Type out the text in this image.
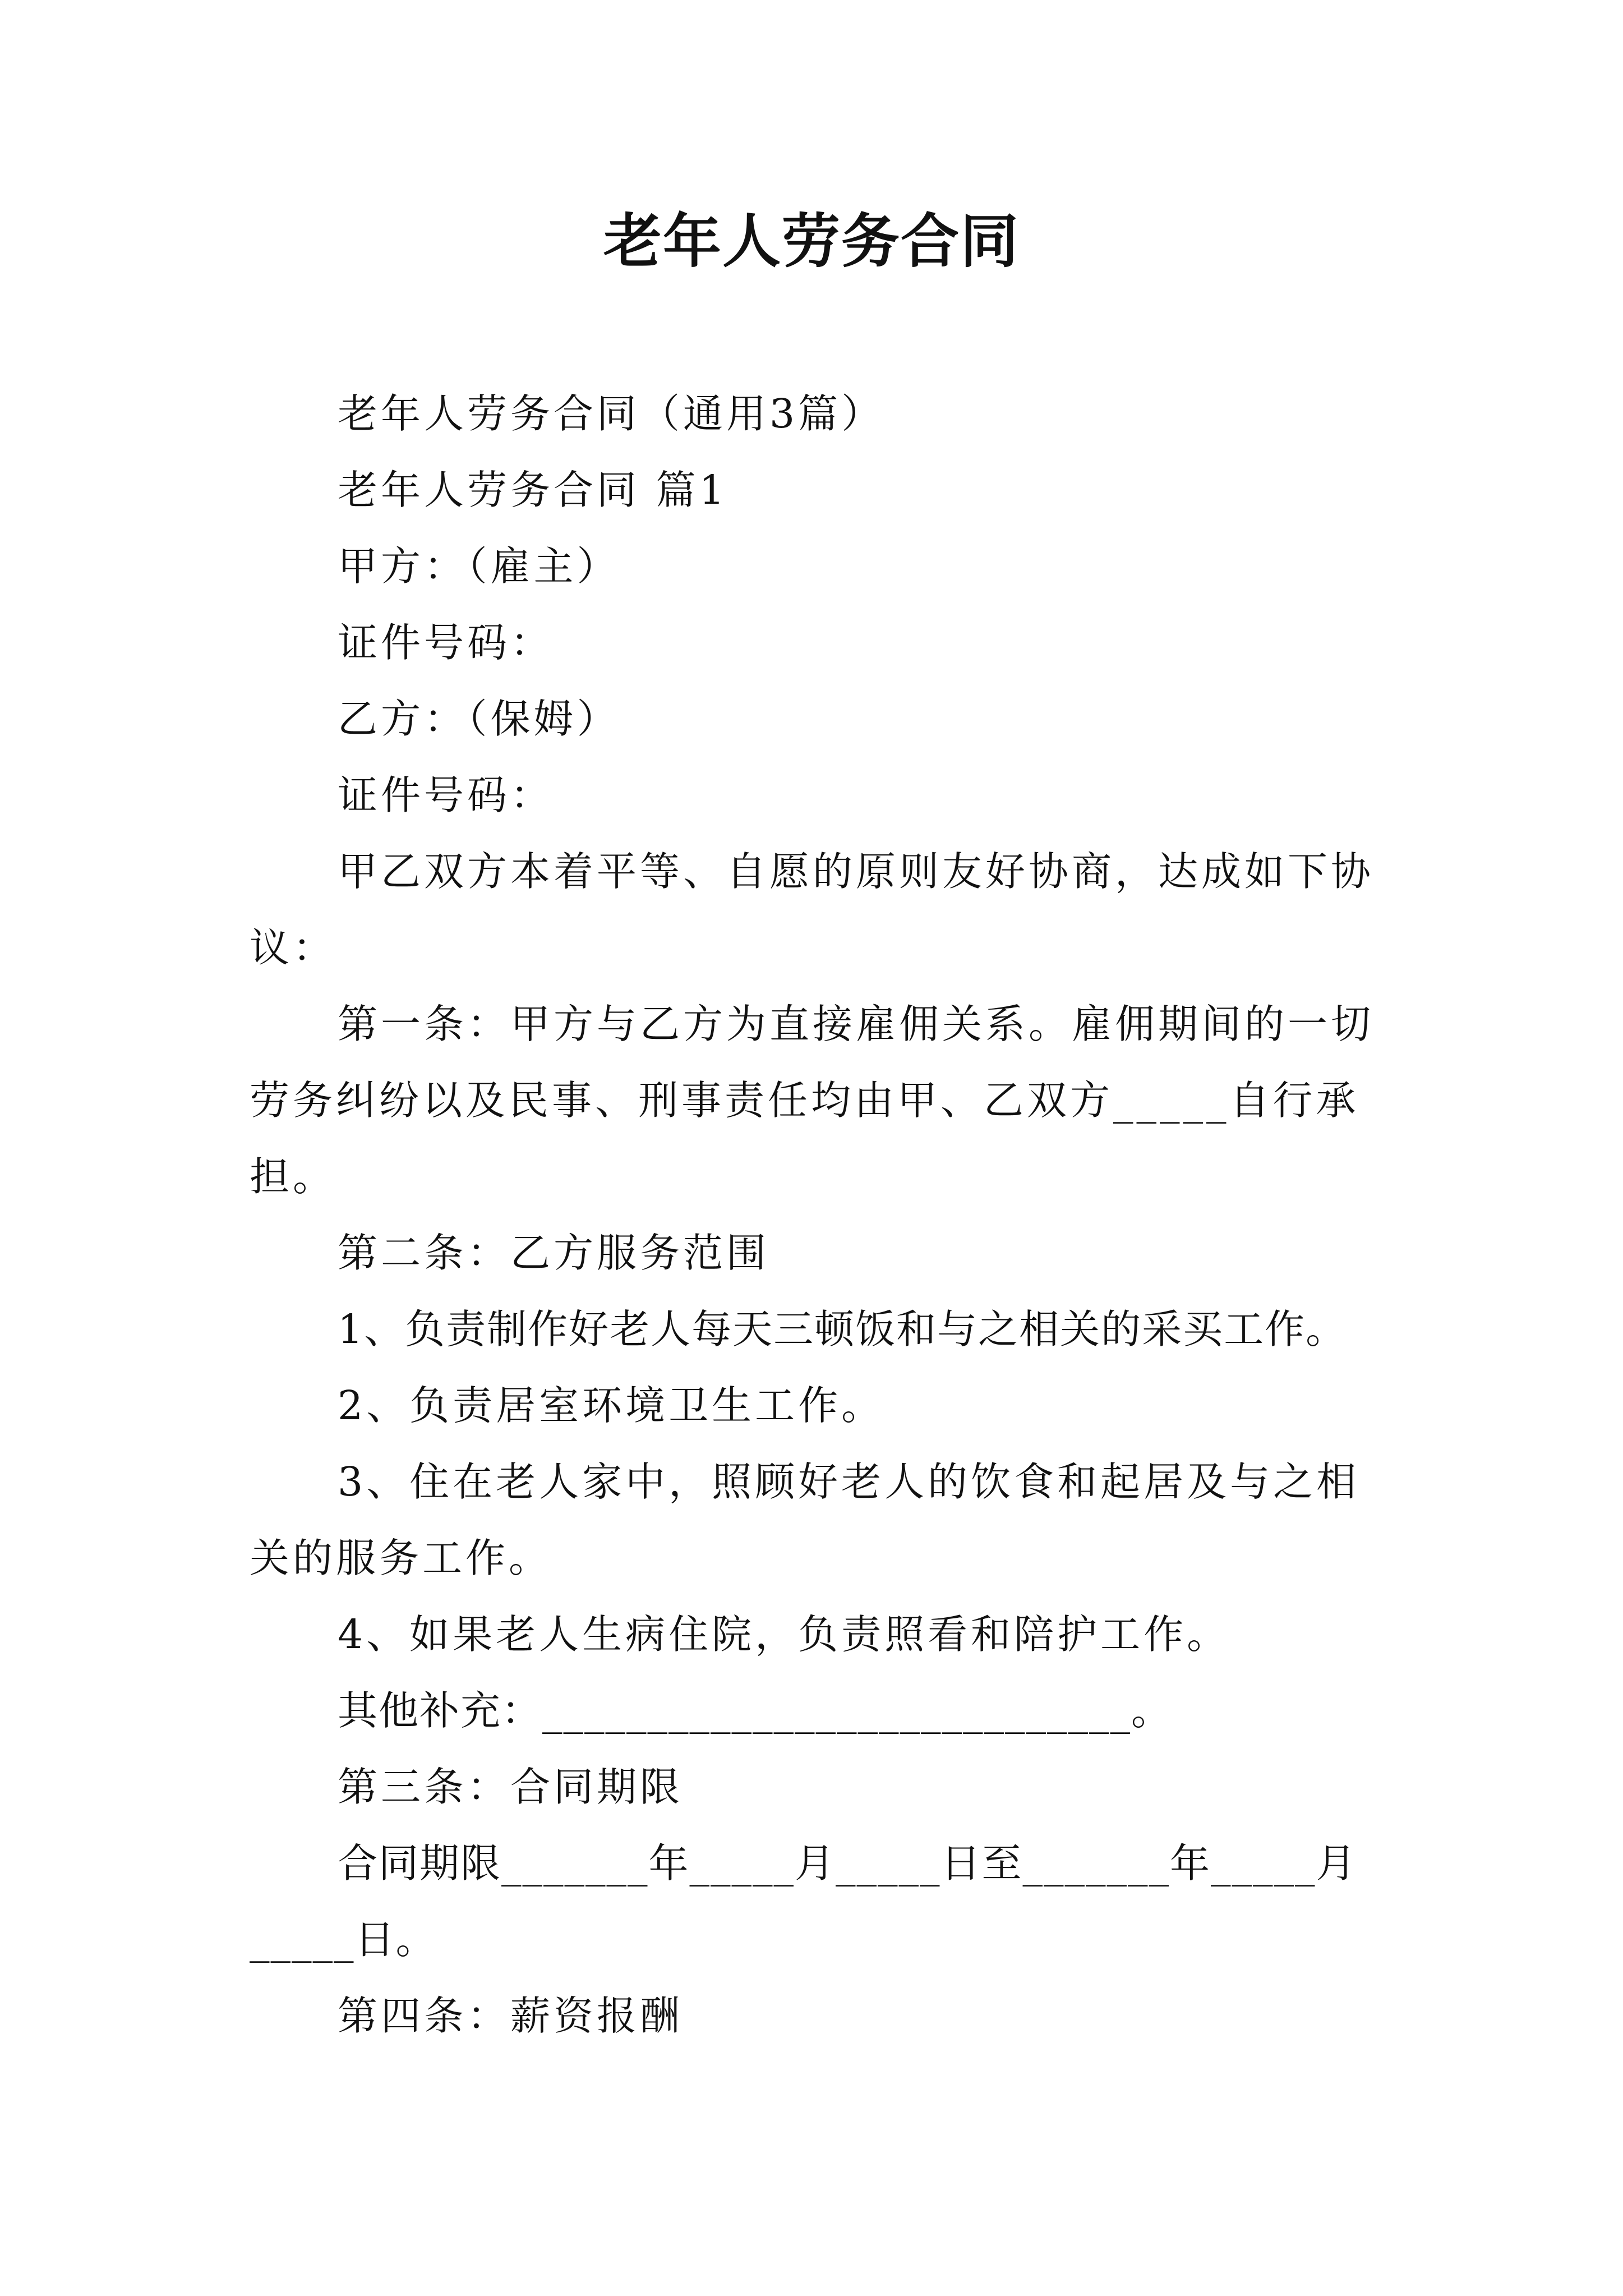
老年人劳务合同

老年人劳务合同（通用3篇）

老年人劳务合同 篇1

甲方：（雇主）

证件号码：

乙方：（保姆）

证件号码：

甲乙双方本着平等、自愿的原则友好协商，达成如下协议：

第一条：甲方与乙方为直接雇佣关系。雇佣期间的一切劳务纠纷以及民事、刑事责任均由甲、乙双方_____自行承担。

第二条：乙方服务范围

1、负责制作好老人每天三顿饭和与之相关的采买工作。

2、负责居室环境卫生工作。

3、住在老人家中，照顾好老人的饮食和起居及与之相关的服务工作。

4、如果老人生病住院，负责照看和陪护工作。

其他补充：____________________________。

第三条：合同期限

合同期限_______年_____月_____日至_______年_____月_____日。

第四条：薪资报酬
